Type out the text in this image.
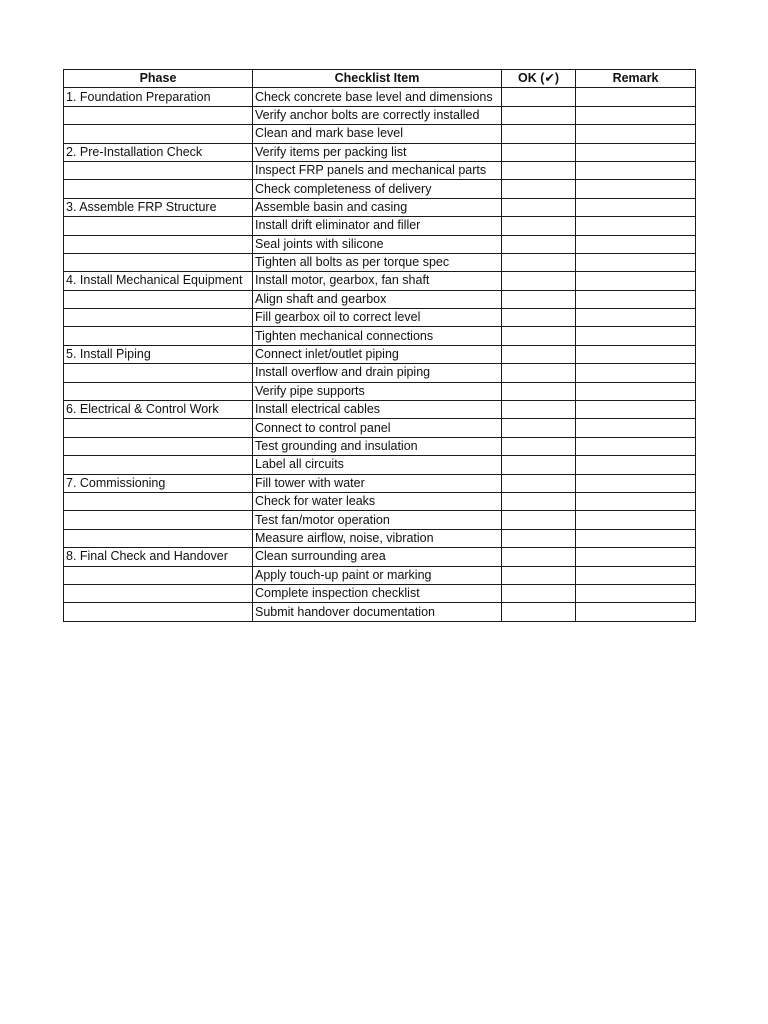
Phase	Checklist Item	OK (✔)	Remark
1. Foundation Preparation	Check concrete base level and dimensions		
	Verify anchor bolts are correctly installed		
	Clean and mark base level		
2. Pre-Installation Check	Verify items per packing list		
	Inspect FRP panels and mechanical parts		
	Check completeness of delivery		
3. Assemble FRP Structure	Assemble basin and casing		
	Install drift eliminator and filler		
	Seal joints with silicone		
	Tighten all bolts as per torque spec		
4. Install Mechanical Equipment	Install motor, gearbox, fan shaft		
	Align shaft and gearbox		
	Fill gearbox oil to correct level		
	Tighten mechanical connections		
5. Install Piping	Connect inlet/outlet piping		
	Install overflow and drain piping		
	Verify pipe supports		
6. Electrical & Control Work	Install electrical cables		
	Connect to control panel		
	Test grounding and insulation		
	Label all circuits		
7. Commissioning	Fill tower with water		
	Check for water leaks		
	Test fan/motor operation		
	Measure airflow, noise, vibration		
8. Final Check and Handover	Clean surrounding area		
	Apply touch-up paint or marking		
	Complete inspection checklist		
	Submit handover documentation		
